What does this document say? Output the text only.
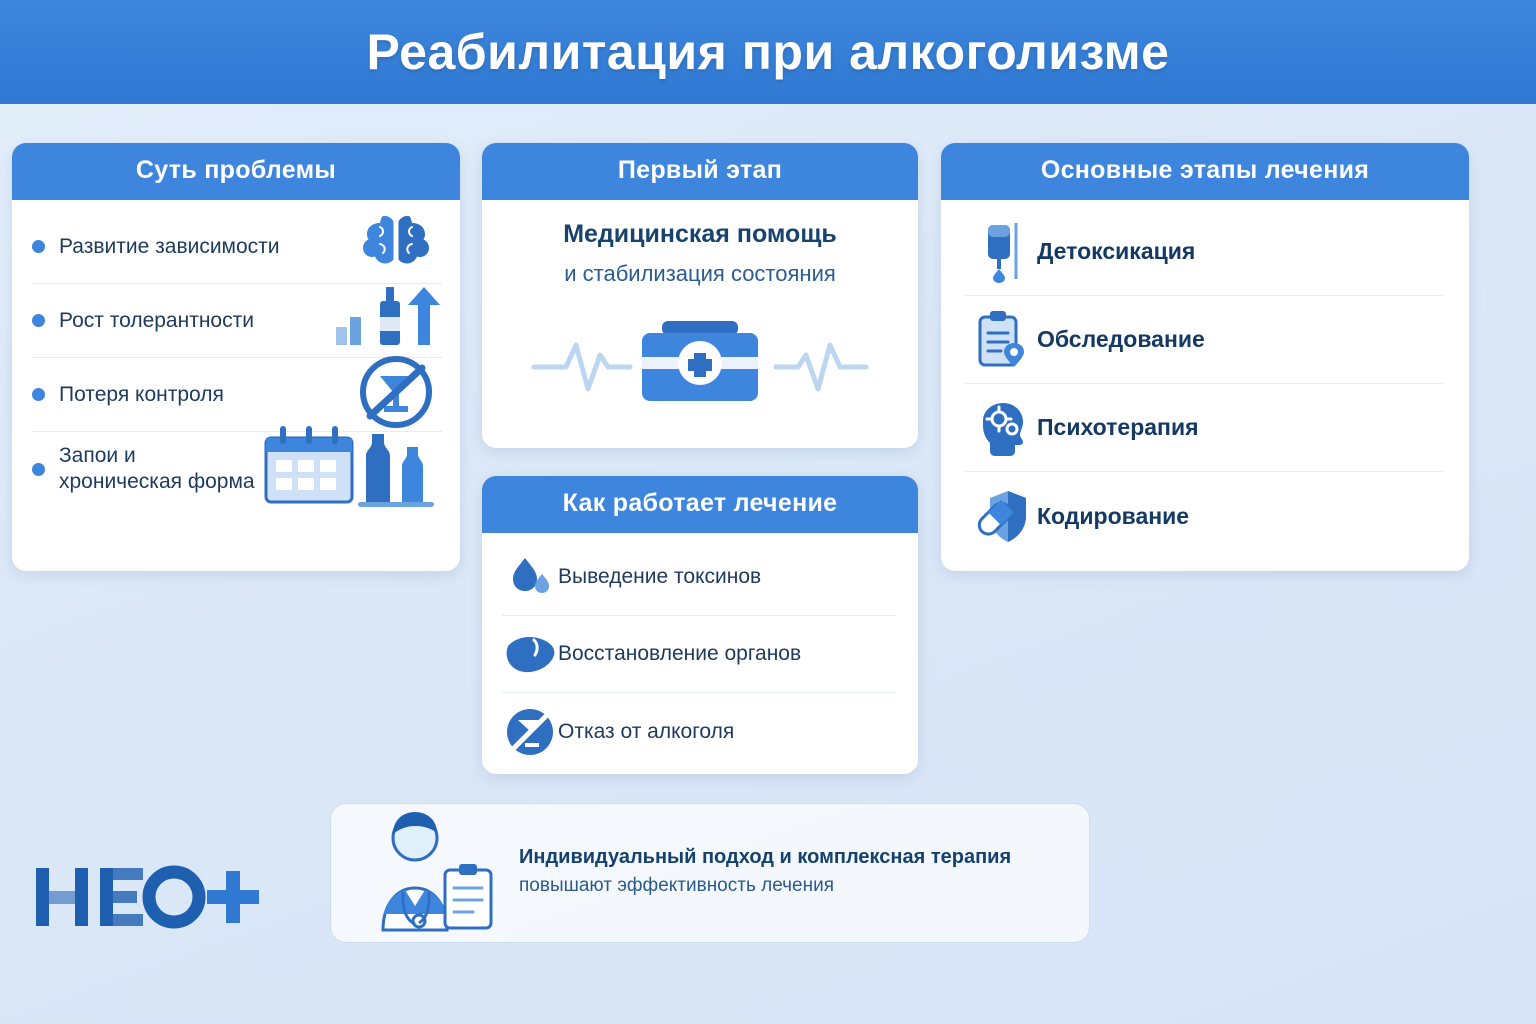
Реабилитация при алкоголизме
Суть проблемы
Развитие зависимости
Рост толерантности
Потеря контроля
Запои и
хроническая форма
Первый этап
Медицинская помощь
и стабилизация состояния
Как работает лечение
Выведение токсинов
Восстановление органов
Отказ от алкоголя
Основные этапы лечения
Детоксикация
Обследование
Психотерапия
Кодирование
Индивидуальный подход и комплексная терапия
повышают эффективность лечения
